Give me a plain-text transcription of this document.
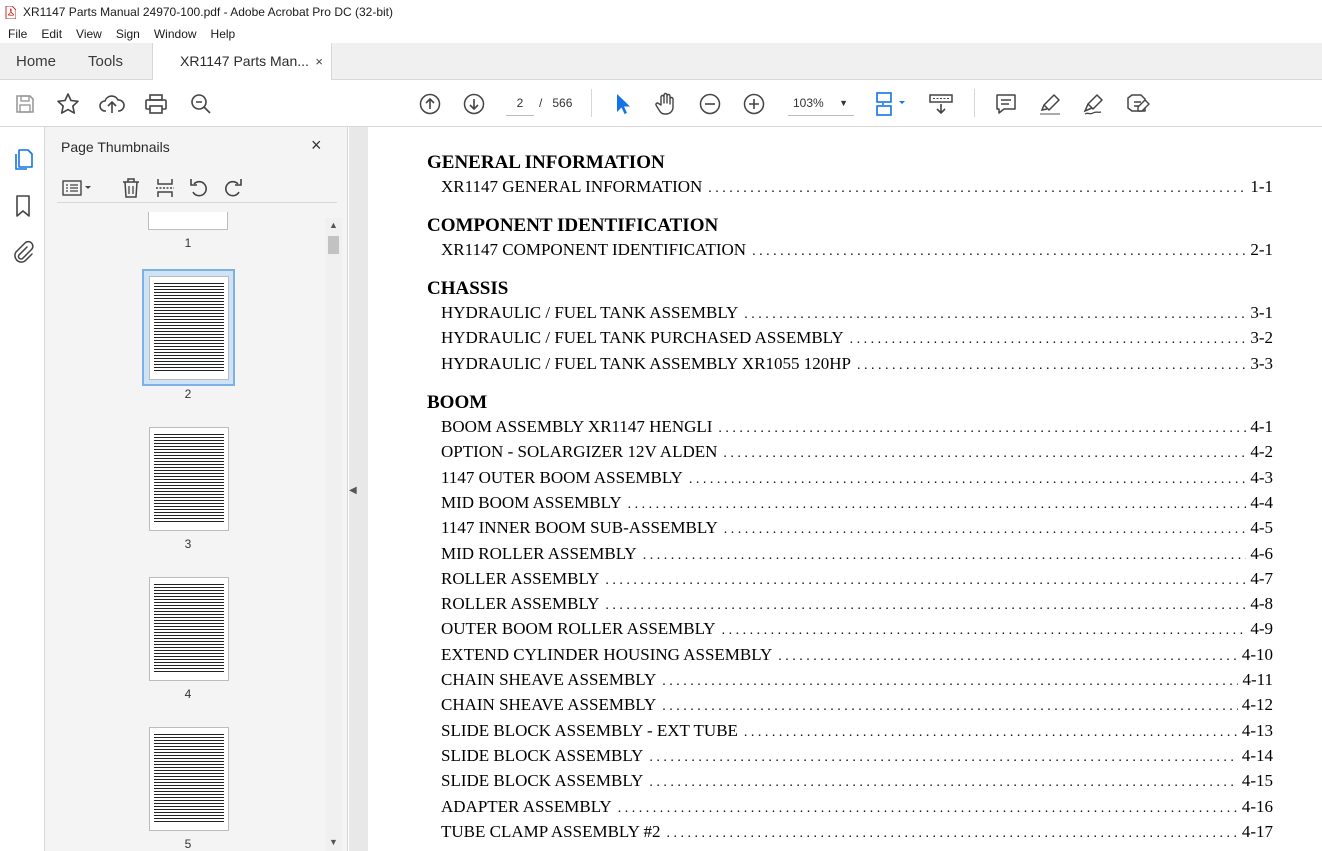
XR1147 Parts Manual 24970-100.pdf - Adobe Acrobat Pro DC (32-bit)
File	Edit	View	Sign	Window	Help
Home Tools	XR1147 Parts Man... ×
2	/ 566	103% ▼
Page Thumbnails	×
1
2
3
4
5
▲
▼
GENERAL INFORMATION
XR1147 GENERAL INFORMATION . . .	1-1
COMPONENT IDENTIFICATION
XR1147 COMPONENT IDENTIFICATION . . .	2-1
CHASSIS
HYDRAULIC / FUEL TANK ASSEMBLY . . .	3-1
HYDRAULIC / FUEL TANK PURCHASED ASSEMBLY . . .	3-2
HYDRAULIC / FUEL TANK ASSEMBLY XR1055 120HP . . .	3-3
BOOM
BOOM ASSEMBLY XR1147 HENGLI . . .	4-1
OPTION - SOLARGIZER 12V ALDEN . . .	4-2
1147 OUTER BOOM ASSEMBLY . . .	4-3
MID BOOM ASSEMBLY . . .	4-4
1147 INNER BOOM SUB-ASSEMBLY . . .	4-5
MID ROLLER ASSEMBLY . . .	4-6
ROLLER ASSEMBLY . . .	4-7
ROLLER ASSEMBLY . . .	4-8
OUTER BOOM ROLLER ASSEMBLY . . .	4-9
EXTEND CYLINDER HOUSING ASSEMBLY . . .	4-10
CHAIN SHEAVE ASSEMBLY . . .	4-11
CHAIN SHEAVE ASSEMBLY . . .	4-12
SLIDE BLOCK ASSEMBLY - EXT TUBE . . .	4-13
SLIDE BLOCK ASSEMBLY . . .	4-14
SLIDE BLOCK ASSEMBLY . . .	4-15
ADAPTER ASSEMBLY . . .	4-16
TUBE CLAMP ASSEMBLY #2 . . .	4-17
◀
